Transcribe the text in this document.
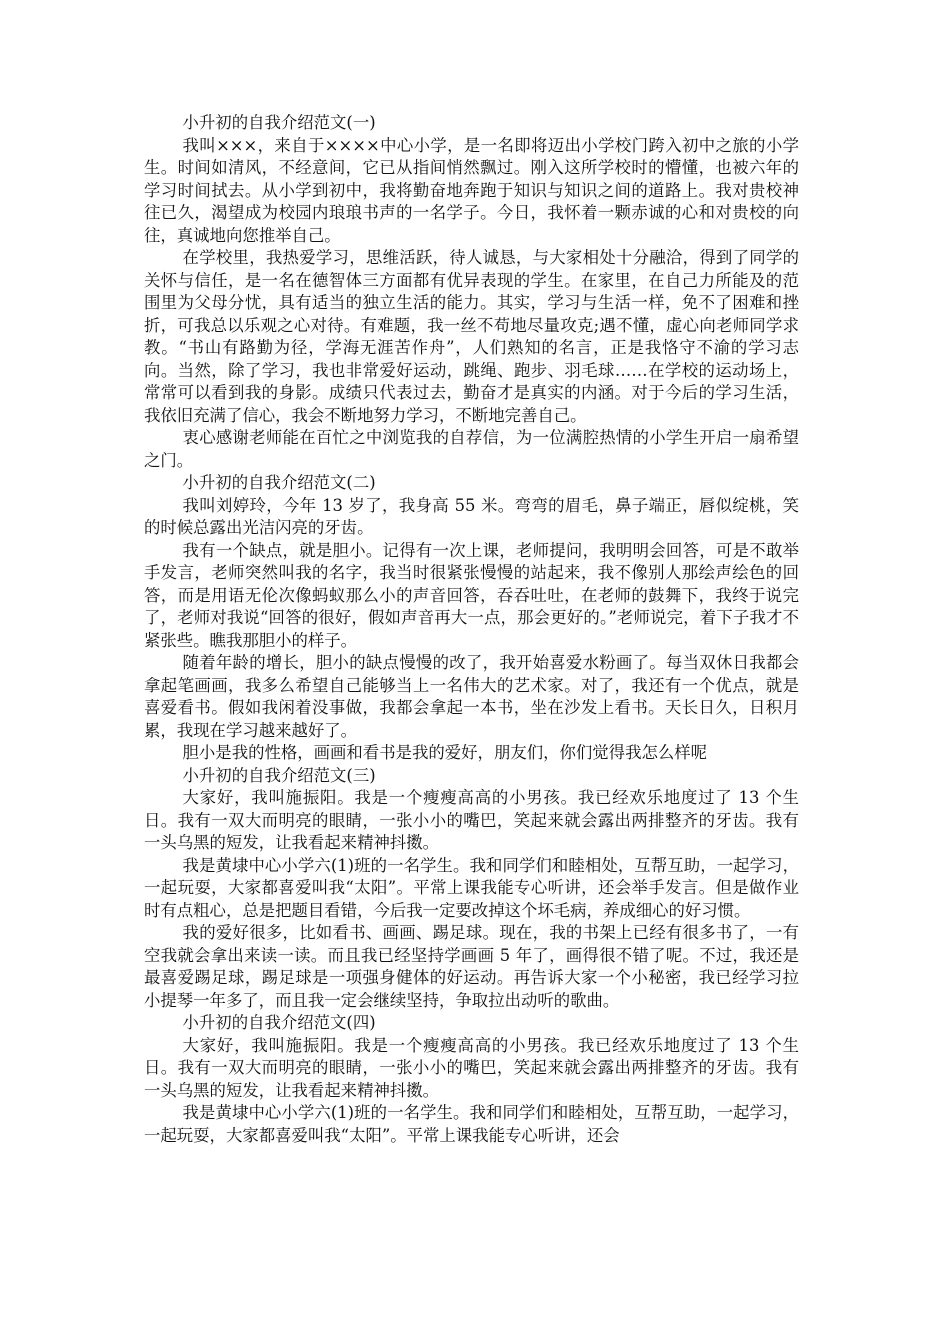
小升初的自我介绍范文(一)

我叫×××，来自于××××中心小学，是一名即将迈出小学校门跨入初中之旅的小学生。时间如清风，不经意间，它已从指间悄然飘过。刚入这所学校时的懵懂，也被六年的学习时间拭去。从小学到初中，我将勤奋地奔跑于知识与知识之间的道路上。我对贵校神往已久，渴望成为校园内琅琅书声的一名学子。今日，我怀着一颗赤诚的心和对贵校的向往，真诚地向您推举自己。

在学校里，我热爱学习，思维活跃，待人诚恳，与大家相处十分融洽，得到了同学的关怀与信任，是一名在德智体三方面都有优异表现的学生。在家里，在自己力所能及的范围里为父母分忧，具有适当的独立生活的能力。其实，学习与生活一样，免不了困难和挫折，可我总以乐观之心对待。有难题，我一丝不苟地尽量攻克;遇不懂，虚心向老师同学求教。“书山有路勤为径，学海无涯苦作舟”，人们熟知的名言，正是我恪守不渝的学习志向。当然，除了学习，我也非常爱好运动，跳绳、跑步、羽毛球……在学校的运动场上，常常可以看到我的身影。成绩只代表过去，勤奋才是真实的内涵。对于今后的学习生活，我依旧充满了信心，我会不断地努力学习，不断地完善自己。

衷心感谢老师能在百忙之中浏览我的自荐信，为一位满腔热情的小学生开启一扇希望之门。

小升初的自我介绍范文(二)

我叫刘婷玲，今年 13 岁了，我身高 55 米。弯弯的眉毛，鼻子端正，唇似绽桃，笑的时候总露出光洁闪亮的牙齿。

我有一个缺点，就是胆小。记得有一次上课，老师提问，我明明会回答，可是不敢举手发言，老师突然叫我的名字，我当时很紧张慢慢的站起来，我不像别人那绘声绘色的回答，而是用语无伦次像蚂蚁那么小的声音回答，吞吞吐吐，在老师的鼓舞下，我终于说完了，老师对我说“回答的很好，假如声音再大一点，那会更好的。”老师说完，着下子我才不紧张些。瞧我那胆小的样子。

随着年龄的增长，胆小的缺点慢慢的改了，我开始喜爱水粉画了。每当双休日我都会拿起笔画画，我多么希望自己能够当上一名伟大的艺术家。对了，我还有一个优点，就是喜爱看书。假如我闲着没事做，我都会拿起一本书，坐在沙发上看书。天长日久，日积月累，我现在学习越来越好了。

胆小是我的性格，画画和看书是我的爱好，朋友们，你们觉得我怎么样呢

小升初的自我介绍范文(三)

大家好，我叫施振阳。我是一个瘦瘦高高的小男孩。我已经欢乐地度过了 13 个生日。我有一双大而明亮的眼睛，一张小小的嘴巴，笑起来就会露出两排整齐的牙齿。我有一头乌黑的短发，让我看起来精神抖擞。

我是黄埭中心小学六(1)班的一名学生。我和同学们和睦相处，互帮互助，一起学习，一起玩耍，大家都喜爱叫我“太阳”。平常上课我能专心听讲，还会举手发言。但是做作业时有点粗心，总是把题目看错，今后我一定要改掉这个坏毛病，养成细心的好习惯。

我的爱好很多，比如看书、画画、踢足球。现在，我的书架上已经有很多书了，一有空我就会拿出来读一读。而且我已经坚持学画画 5 年了，画得很不错了呢。不过，我还是最喜爱踢足球，踢足球是一项强身健体的好运动。再告诉大家一个小秘密，我已经学习拉小提琴一年多了，而且我一定会继续坚持，争取拉出动听的歌曲。

小升初的自我介绍范文(四)

大家好，我叫施振阳。我是一个瘦瘦高高的小男孩。我已经欢乐地度过了 13 个生日。我有一双大而明亮的眼睛，一张小小的嘴巴，笑起来就会露出两排整齐的牙齿。我有一头乌黑的短发，让我看起来精神抖擞。

我是黄埭中心小学六(1)班的一名学生。我和同学们和睦相处，互帮互助，一起学习，一起玩耍，大家都喜爱叫我“太阳”。平常上课我能专心听讲，还会
